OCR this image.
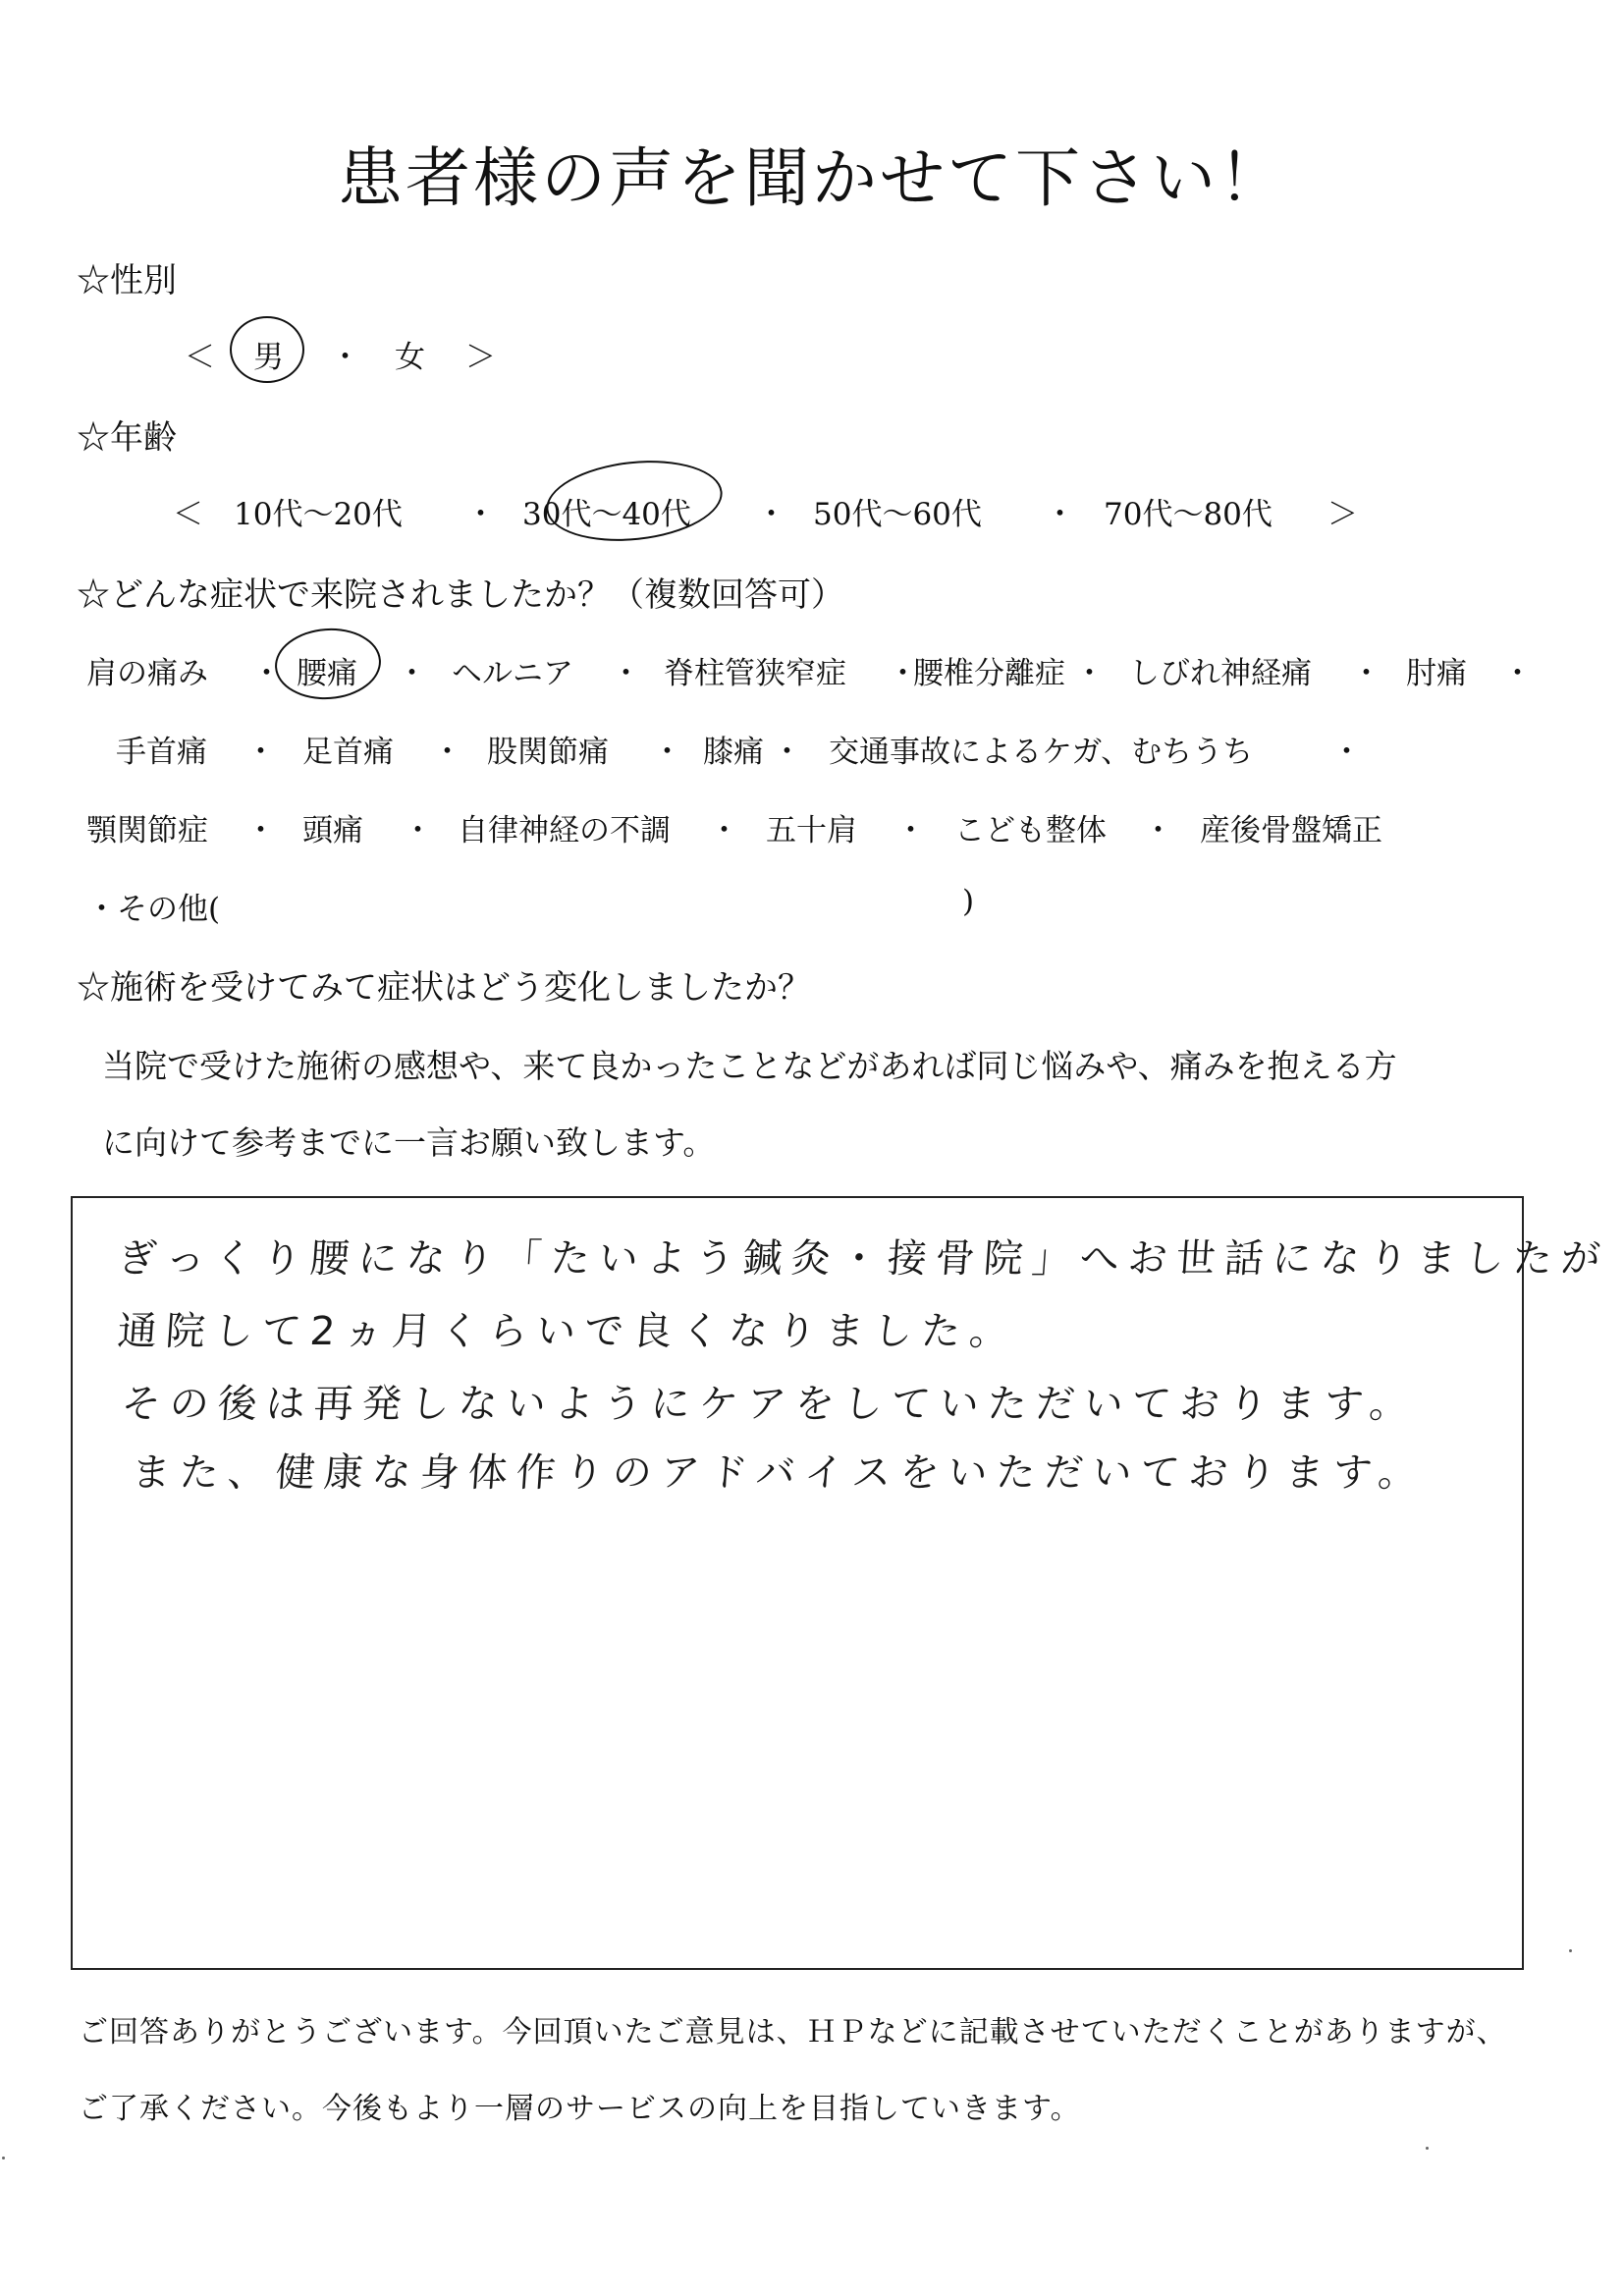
患者様の声を聞かせて下さい！
☆性別
＜ 男 ・ 女 ＞
☆年齢
＜ 10代〜20代 ・ 30代〜40代 ・ 50代〜60代 ・ 70代〜80代 ＞
☆どんな症状で来院されましたか？（複数回答可）
肩の痛み ・ 腰痛 ・ ヘルニア ・ 脊柱管狭窄症 ・
腰椎分離症 ・ しびれ神経痛 ・ 肘痛 ・
手首痛 ・ 足首痛 ・ 股関節痛 ・ 膝痛 ・ 交通事故によるケガ、むちうち	・
顎関節症 ・ 頭痛 ・ 自律神経の不調 ・ 五十肩 ・ こども整体 ・ 産後骨盤矯正
・その他(	)
☆施術を受けてみて症状はどう変化しましたか？
当院で受けた施術の感想や、来て良かったことなどがあれば同じ悩みや、痛みを抱える方
に向けて参考までに一言お願い致します。
ぎっくり腰になり「たいよう鍼灸・接骨院」へお世話になりましたが
通院して2ヵ月くらいで良くなりました。
その後は再発しないようにケアをしていただいております。
また、健康な身体作りのアドバイスをいただいております。
ご回答ありがとうございます。今回頂いたご意見は、ＨＰなどに記載させていただくことがありますが、
ご了承ください。今後もより一層のサービスの向上を目指していきます。
